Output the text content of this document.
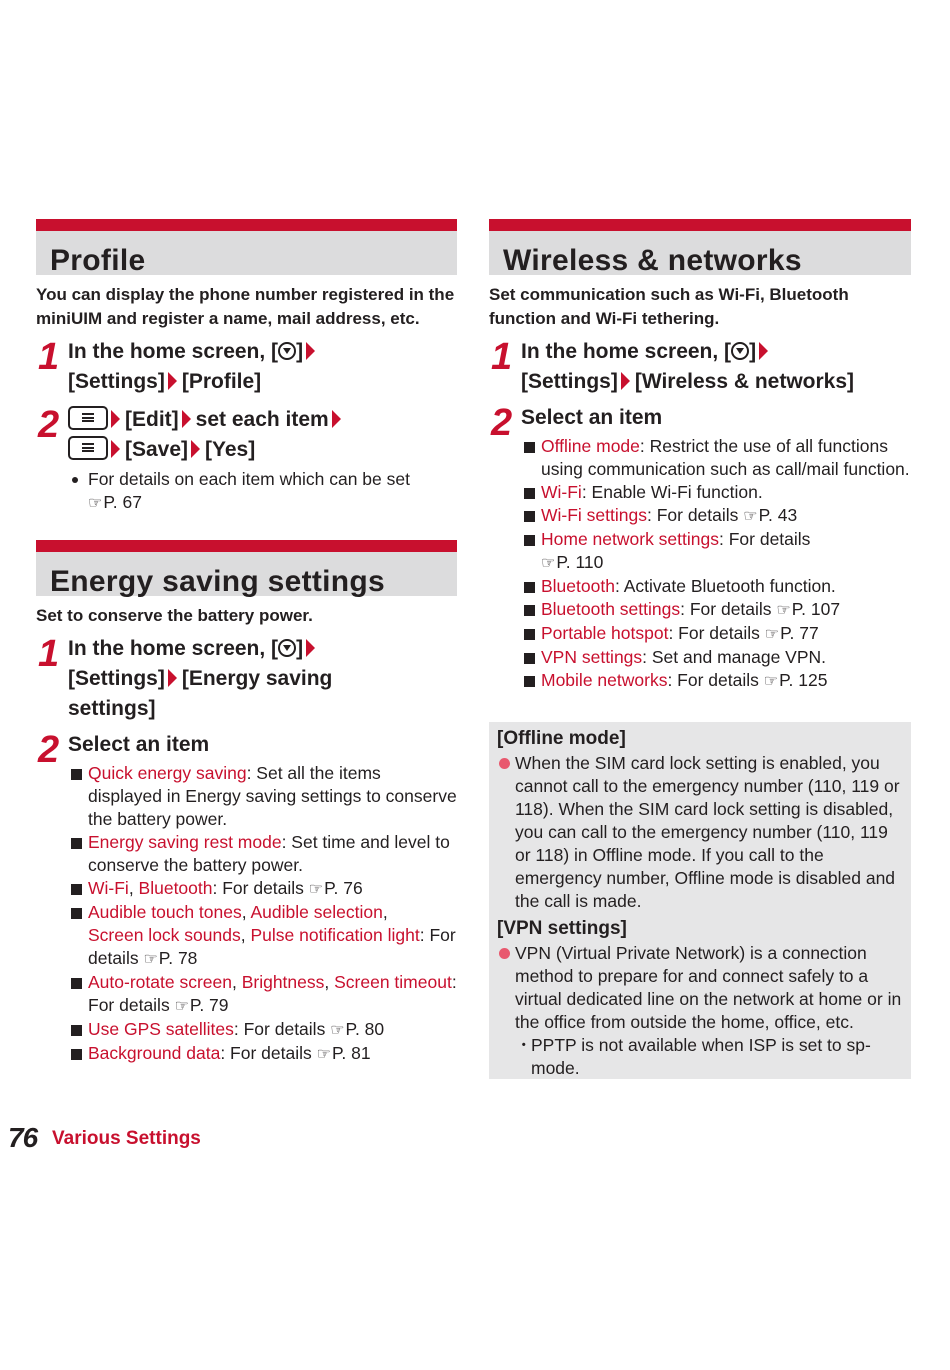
Profile
You can display the phone number registered in the miniUIM and register a name, mail address, etc.
1 In the home screen, [ ]
[Settings] [Profile]
2	[Edit] set each item
[Save] [Yes]
For details on each item which can be set
☞P. 67
Energy saving settings
Set to conserve the battery power.
1 In the home screen, [ ]
[Settings] [Energy saving settings]
2 Select an item
Quick energy saving: Set all the items displayed in Energy saving settings to conserve the battery power.
Energy saving rest mode: Set time and level to conserve the battery power.
Wi-Fi, Bluetooth: For details ☞P. 76
Audible touch tones, Audible selection,
Screen lock sounds, Pulse notification light: For details ☞P. 78
Auto-rotate screen, Brightness, Screen timeout: For details ☞P. 79
Use GPS satellites: For details ☞P. 80
Background data: For details ☞P. 81
Wireless & networks
Set communication such as Wi-Fi, Bluetooth function and Wi-Fi tethering.
1 In the home screen, [ ]
[Settings] [Wireless & networks]
2 Select an item
Offline mode: Restrict the use of all functions using communication such as call/mail function.
Wi-Fi: Enable Wi-Fi function.
Wi-Fi settings: For details ☞P. 43
Home network settings: For details
☞P. 110
Bluetooth: Activate Bluetooth function.
Bluetooth settings: For details ☞P. 107
Portable hotspot: For details ☞P. 77
VPN settings: Set and manage VPN.
Mobile networks: For details ☞P. 125
[Offline mode]
When the SIM card lock setting is enabled, you cannot call to the emergency number (110, 119 or 118). When the SIM card lock setting is disabled, you can call to the emergency number (110, 119 or 118) in Offline mode. If you call to the emergency number, Offline mode is disabled and the call is made.
[VPN settings]
VPN (Virtual Private Network) is a connection method to prepare for and connect safely to a virtual dedicated line on the network at home or in the office from outside the home, office, etc.
・
PPTP is not available when ISP is set to sp-mode.
76 Various Settings
